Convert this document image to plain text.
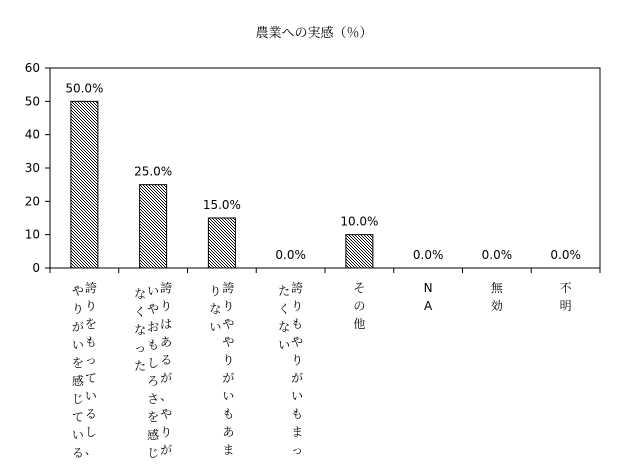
農業への実感（％）
0
10
20
30
40
50
60
50.0%
誇
り
を
も
っ
て
い
る
し
、
や
り
が
い
を
感
じ
て
い
る
25.0%
誇
り
は
あ
る
が
、
や
り
が
い
や
お
も
し
ろ
さ
を
感
じ
な
く
な
っ
た
15.0%
誇
り
や
や
り
が
い
も
あ
ま
り
な
い
0.0%
誇
り
も
や
り
が
い
も
ま
っ
た
く
な
い
10.0%
そ
の
他
0.0%
N
A
0.0%
無
効
0.0%
不
明
